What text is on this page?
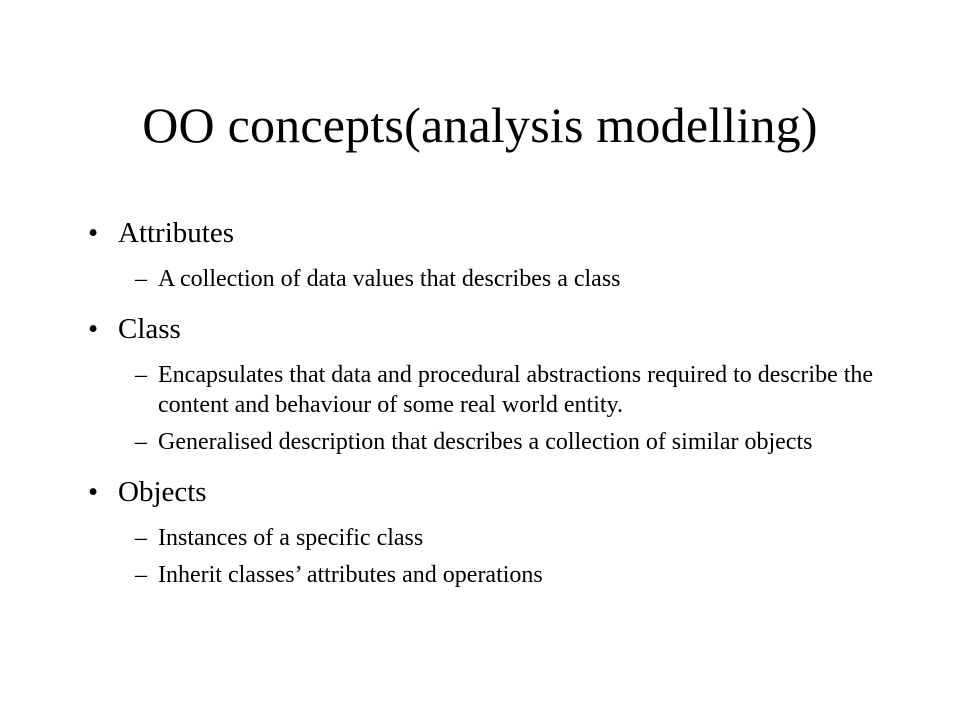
OO concepts(analysis modelling)
• Attributes
– A collection of data values that describes a class
• Class
– Encapsulates that data and procedural abstractions required to describe the content and behaviour of some real world entity.
– Generalised description that describes a collection of similar objects
• Objects
– Instances of a specific class
– Inherit classes’ attributes and operations
